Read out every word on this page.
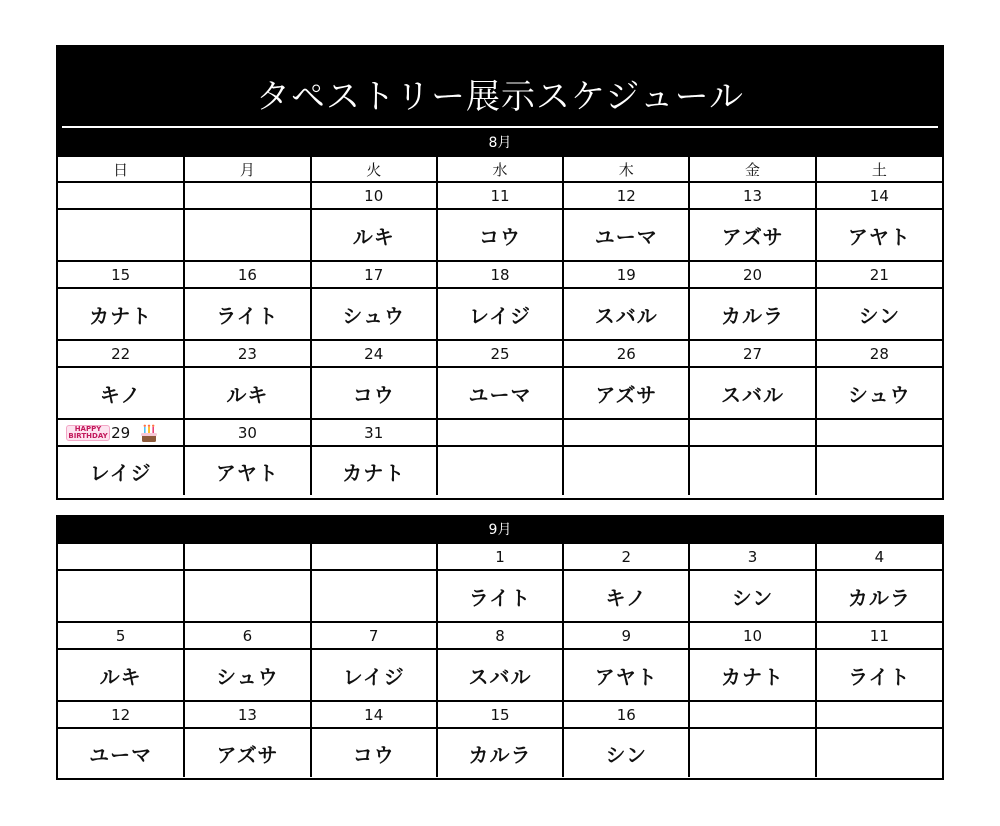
タペストリー展示スケジュール
8月
日	月	火	水	木	金	土
		10	11	12	13	14
		ルキ	コウ	ユーマ	アズサ	アヤト
15	16	17	18	19	20	21
カナト	ライト	シュウ	レイジ	スバル	カルラ	シン
22	23	24	25	26	27	28
キノ	ルキ	コウ	ユーマ	アズサ	スバル	シュウ

HAPPY
BIRTHDAY 29	30	31				
レイジ	アヤト	カナト				
9月
			1	2	3	4
			ライト	キノ	シン	カルラ
5	6	7	8	9	10	11
ルキ	シュウ	レイジ	スバル	アヤト	カナト	ライト
12	13	14	15	16		
ユーマ	アズサ	コウ	カルラ	シン		
